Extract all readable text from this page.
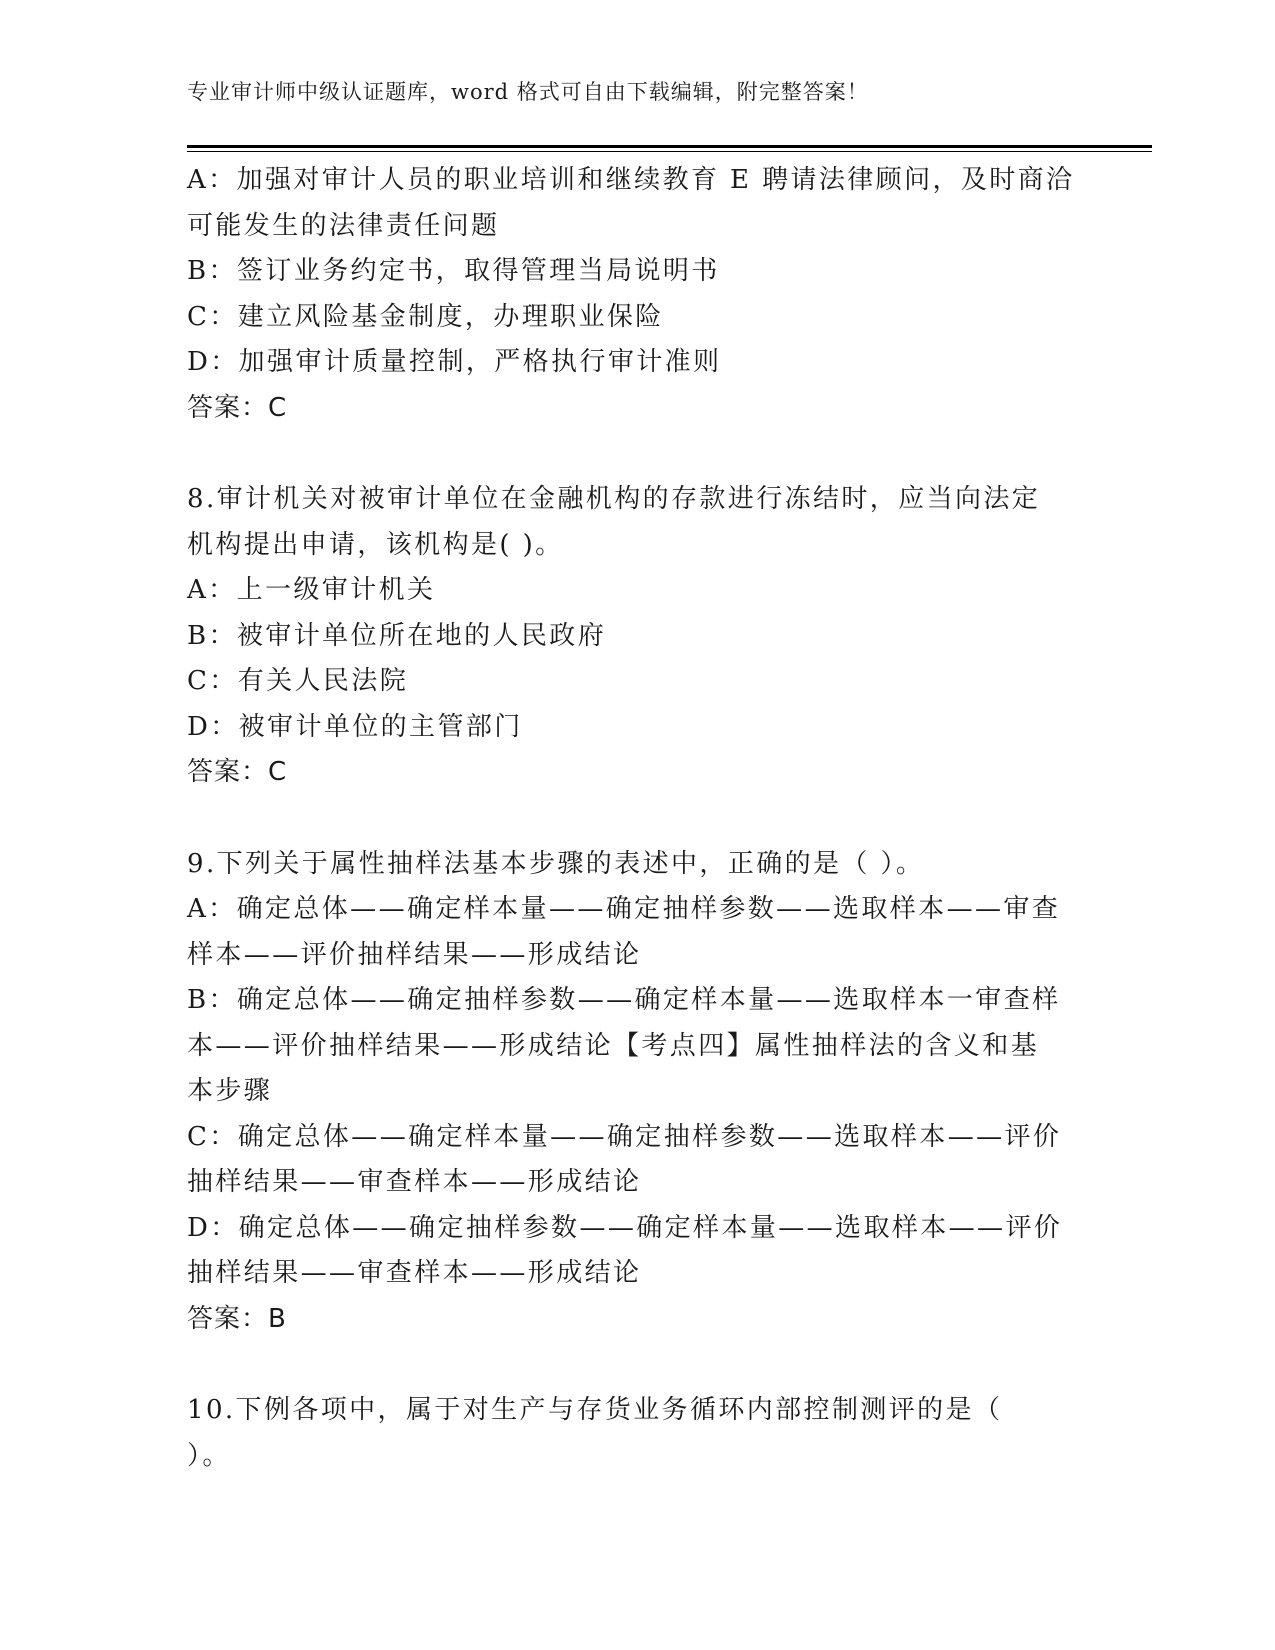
专业审计师中级认证题库，word 格式可自由下载编辑，附完整答案！
A：加强对审计人员的职业培训和继续教育 E 聘请法律顾问，及时商洽
可能发生的法律责任问题
B：签订业务约定书，取得管理当局说明书
C：建立风险基金制度，办理职业保险
D：加强审计质量控制，严格执行审计准则
答案：C
8.审计机关对被审计单位在金融机构的存款进行冻结时，应当向法定
机构提出申请，该机构是( )。
A：上一级审计机关
B：被审计单位所在地的人民政府
C：有关人民法院
D：被审计单位的主管部门
答案：C
9.下列关于属性抽样法基本步骤的表述中，正确的是（ ）。
A：确定总体——确定样本量——确定抽样参数——选取样本——审查
样本——评价抽样结果——形成结论
B：确定总体——确定抽样参数——确定样本量——选取样本一审查样
本——评价抽样结果——形成结论【考点四】属性抽样法的含义和基
本步骤
C：确定总体——确定样本量——确定抽样参数——选取样本——评价
抽样结果——审查样本——形成结论
D：确定总体——确定抽样参数——确定样本量——选取样本——评价
抽样结果——审查样本——形成结论
答案：B
10.下例各项中，属于对生产与存货业务循环内部控制测评的是（
）。
